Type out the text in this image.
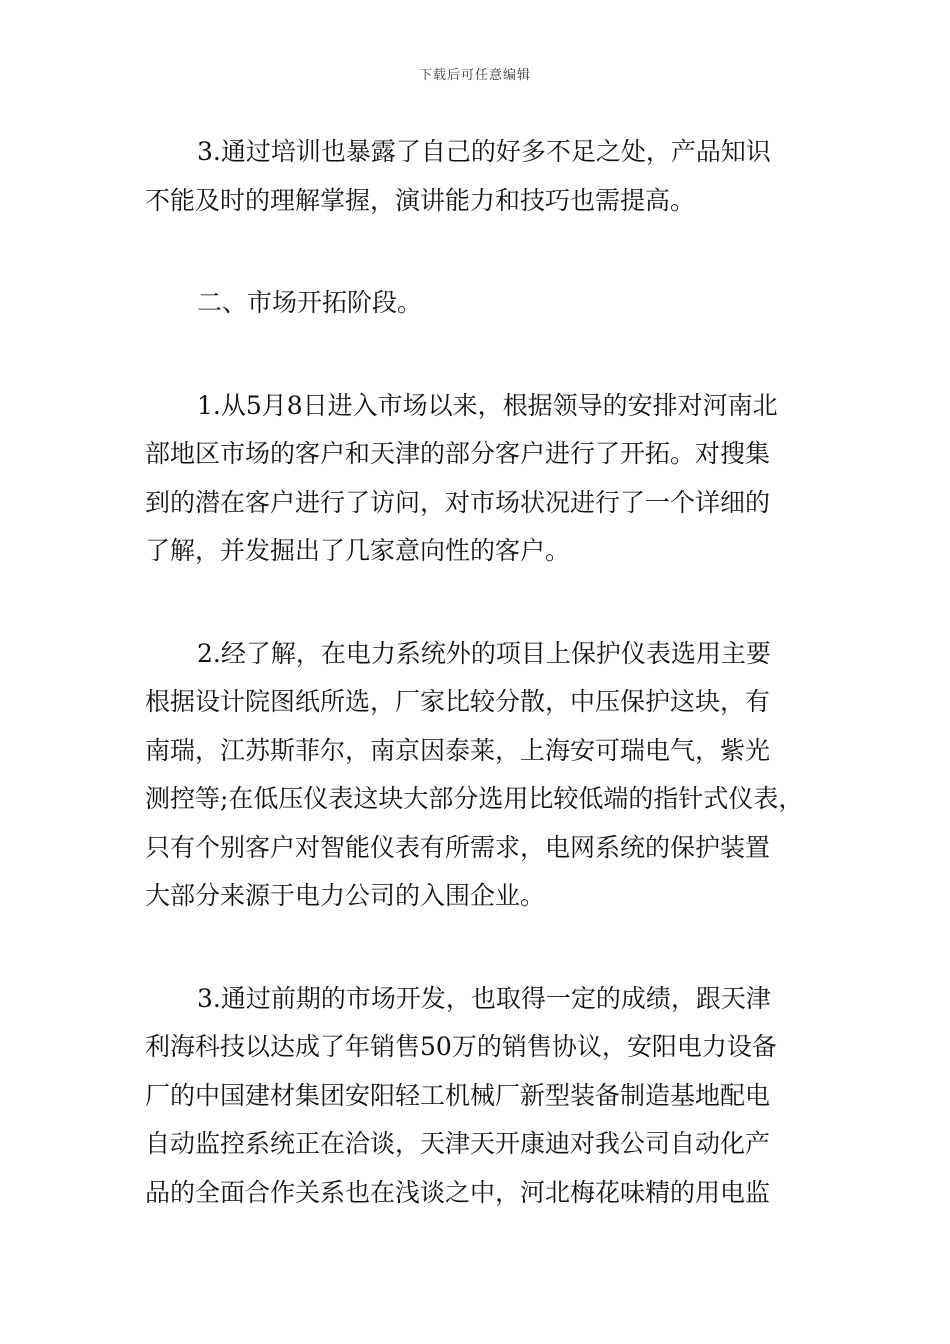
下载后可任意编辑
3.通过培训也暴露了自己的好多不足之处，产品知识
不能及时的理解掌握，演讲能力和技巧也需提高。
二、市场开拓阶段。
1.从5月8日进入市场以来，根据领导的安排对河南北
部地区市场的客户和天津的部分客户进行了开拓。对搜集
到的潜在客户进行了访问，对市场状况进行了一个详细的
了解，并发掘出了几家意向性的客户。
2.经了解，在电力系统外的项目上保护仪表选用主要
根据设计院图纸所选，厂家比较分散，中压保护这块，有
南瑞，江苏斯菲尔，南京因泰莱，上海安可瑞电气，紫光
测控等;在低压仪表这块大部分选用比较低端的指针式仪表，
只有个别客户对智能仪表有所需求，电网系统的保护装置
大部分来源于电力公司的入围企业。
3.通过前期的市场开发，也取得一定的成绩，跟天津
利海科技以达成了年销售50万的销售协议，安阳电力设备
厂的中国建材集团安阳轻工机械厂新型装备制造基地配电
自动监控系统正在洽谈，天津天开康迪对我公司自动化产
品的全面合作关系也在浅谈之中，河北梅花味精的用电监
